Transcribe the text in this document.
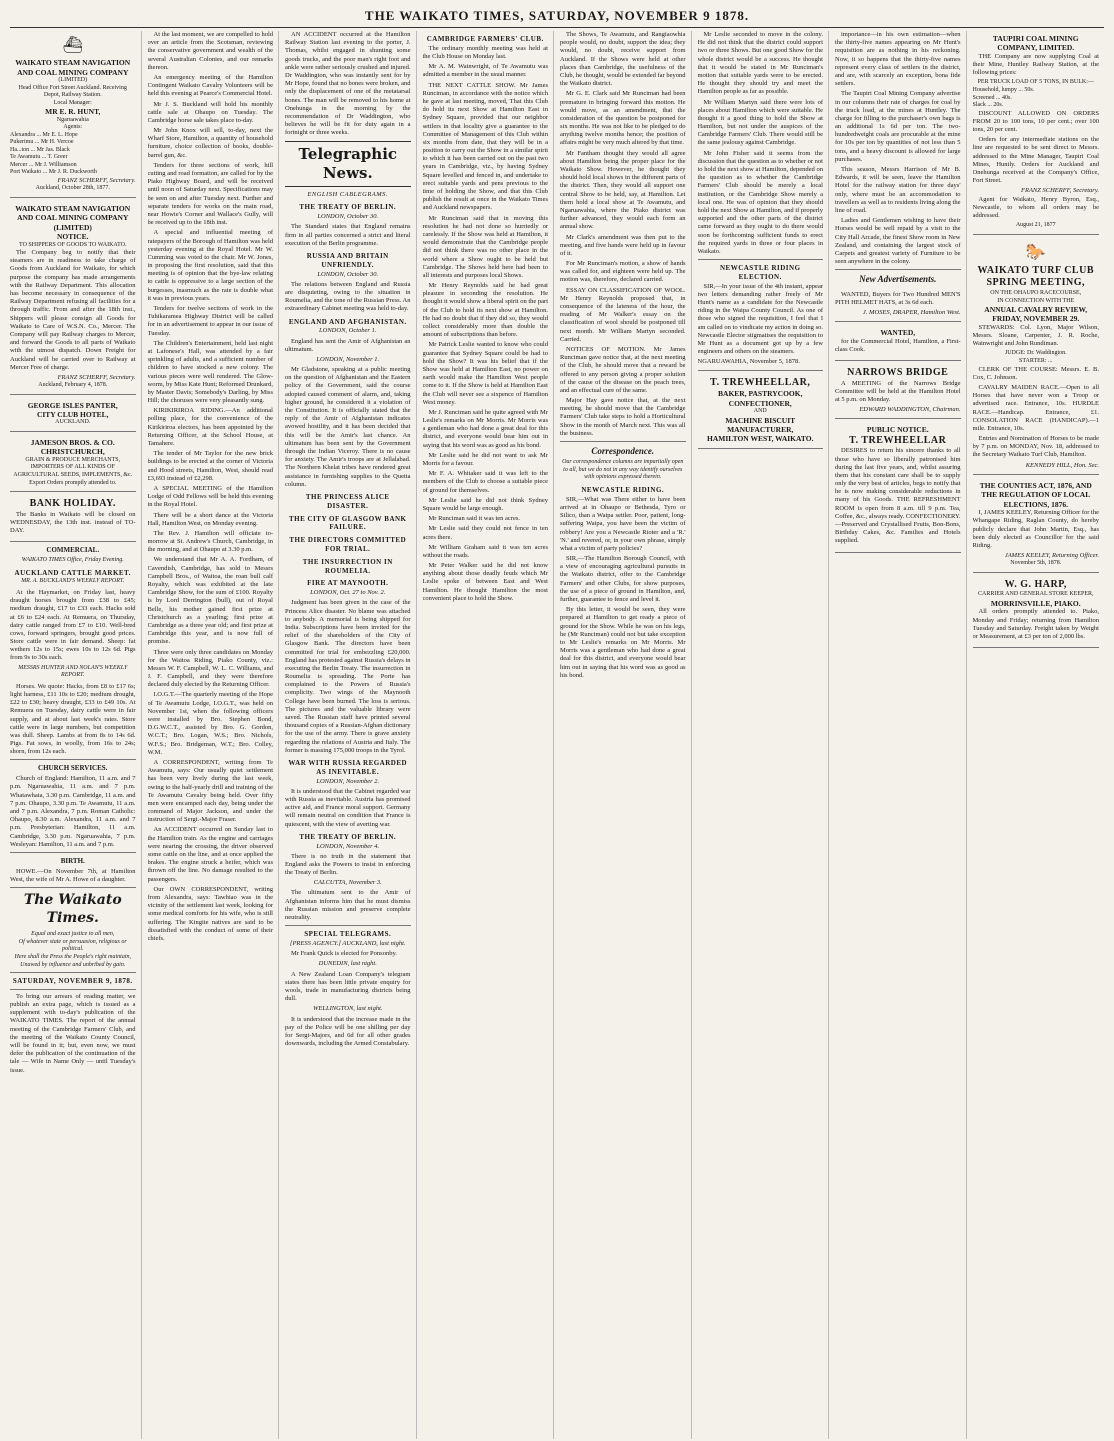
THE WAIKATO TIMES, SATURDAY, NOVEMBER 9 1878.
⛴
WAIKATO STEAM NAVIGATION AND COAL MINING COMPANY
(LIMITED)
Head Office Fort Street Auckland. Receiving Depot, Railway Station.
Local Manager:
MR E. R. HUNT,
Ngaruawahia
Agents:
Alexandra ... Mr E. L. Hope
Pukerimu ... Mr H. Vercoe
Ha...ton ... Mr Jas. Black
Te Awamutu ... T. Greer
Mercer ... Mr J. Williamson
Port Waikato ... Mr J. R. Duckworth
FRANZ SCHERFF, Secretary.
Auckland, October 28th, 1877.
WAIKATO STEAM NAVIGATION AND COAL MINING COMPANY (LIMITED)
NOTICE.
TO SHIPPERS OF GOODS TO WAIKATO.

The Company beg to notify that their steamers are in readiness to take charge of Goods from Auckland for Waikato, for which purpose the company has made arrangements with the Railway Department. This allocation has become necessary in consequence of the Railway Department refusing all facilities for a through traffic. From and after the 18th inst., Shippers will please consign all Goods for Waikato to Care of W.S.N. Co., Mercer. The Company will pay Railway charges to Mercer, and forward the Goods to all parts of Waikato with the utmost dispatch. Down Freight for Auckland will be carried over to Railway at Mercer Free of charge.

FRANZ SCHERFF, Secretary.
Auckland, February 4, 1878.
GEORGE ISLES PANTER,
CITY CLUB HOTEL,
AUCKLAND.
JAMESON BROS. & CO.
CHRISTCHURCH,
GRAIN & PRODUCE MERCHANTS,
IMPORTERS OF ALL KINDS OF AGRICULTURAL SEEDS, IMPLEMENTS, &c.
Export Orders promptly attended to.
BANK HOLIDAY.

The Banks in Waikato will be closed on WEDNESDAY, the 13th inst. instead of TO-DAY.

COMMERCIAL.
WAIKATO TIMES Office, Friday Evening.
AUCKLAND CATTLE MARKET.
MR. A. BUCKLAND'S WEEKLY REPORT.

At the Haymarket, on Friday last, heavy draught horses brought from £38 to £45; medium draught, £17 to £33 each. Hacks sold at £6 to £24 each. At Remuera, on Thursday, dairy cattle ranged from £7 to £10. Well-bred cows, forward springers, brought good prices. Store cattle were in fair demand. Sheep: fat wethers 12s to 15s; ewes 10s to 12s 6d. Pigs from 9s to 30s each.

MESSRS HUNTER AND NOLAN'S WEEKLY REPORT.

Horses. We quote: Hacks, from £8 to £17 6s; light harness, £11 10s to £20; medium drought, £22 to £30; heavy draught, £33 to £49 10s. At Remuera on Tuesday, dairy cattle were in fair supply, and at about last week's rates. Store cattle were in large numbers, but competition was dull. Sheep. Lambs at from 8s to 14s 6d. Pigs. Fat sows, in woolly, from 16s to 24s; shorn, from 12s each.

CHURCH SERVICES.

Church of England: Hamilton, 11 a.m. and 7 p.m. Ngaruawahia, 11 a.m. and 7 p.m. Whatawhata, 3.30 p.m. Cambridge, 11 a.m. and 7 p.m. Ohaupo, 3.30 p.m. Te Awamutu, 11 a.m. and 7 p.m. Alexandra, 7 p.m. Roman Catholic: Ohaupo, 8.30 a.m. Alexandra, 11 a.m. and 7 p.m. Presbyterian: Hamilton, 11 a.m. Cambridge, 3.30 p.m. Ngaruawahia, 7 p.m. Wesleyan: Hamilton, 11 a.m. and 7 p.m.

BIRTH.

HOWE.—On November 7th, at Hamilton West, the wife of Mr A. Howe of a daughter.

The Waikato Times.
Equal and exact justice to all men,
Of whatever state or persuasion, religious or political.
Here shall the Press the People's right maintain,
Unawed by influence and unbribed by gain.
SATURDAY, NOVEMBER 9, 1878.

To bring our arrears of reading matter, we publish an extra page, which is issued as a supplement with to-day's publication of the WAIKATO TIMES. The report of the annual meeting of the Cambridge Farmers' Club, and the meeting of the Waikato County Council, will be found in it; but, even now, we must defer the publication of the continuation of the tale — Wife in Name Only — until Tuesday's issue.

At the last moment, we are compelled to hold over an article from the Scotsman, reviewing the conservative government and wealth of the several Australian Colonies, and our remarks thereon.

An emergency meeting of the Hamilton Contingent Waikato Cavalry Volunteers will be held this evening at Pearce's Commercial Hotel.

Mr J. S. Buckland will hold his monthly cattle sale at Ohaupo on Tuesday. The Cambridge horse sale takes place to-day.

Mr John Knox will sell, to-day, next the Wharf Store, Hamilton, a quantity of household furniture, choice collection of books, double-barrel gun, &c.

Tenders for three sections of work, hill cutting and road formation, are called for by the Piako Highway Board, and will be received until noon of Saturday next. Specifications may be seen on and after Tuesday next. Further and separate tenders for works on the main road, near Howie's Corner and Wallace's Gully, will be received up to the 18th inst.

A special and influential meeting of ratepayers of the Borough of Hamilton was held yesterday evening at the Royal Hotel. Mr W. Cumming was voted to the chair. Mr W. Jones, in proposing the first resolution, said that this meeting is of opinion that the bye-law relating to cattle is oppressive to a large section of the burgesses, inasmuch as the rate is double what it was in previous years.

Tenders for twelve sections of work in the Tuhikaramea Highway District will be called for in an advertisement to appear in our issue of Tuesday.

The Children's Entertainment, held last night at Lafonese's Hall, was attended by a fair sprinkling of adults, and a sufficient number of children to have stocked a new colony. The various pieces were well rendered. The Glow-worm, by Miss Kate Hunt; Reformed Drunkard, by Master Davis; Somebody's Darling, by Miss Hill; the choruses were very pleasantly sung.

KIRIKIRIROA RIDING.—An additional polling place, for the convenience of the Kirikiriroa electors, has been appointed by the Returning Officer, at the School House, at Tamahere.

The tender of Mr Taylor for the new brick buildings to be erected at the corner of Victoria and Hood streets, Hamilton, West, should read £3,693 instead of £2,298.

A SPECIAL MEETING of the Hamilton Lodge of Odd Fellows will be held this evening in the Royal Hotel.

There will be a short dance at the Victoria Hall, Hamilton West, on Monday evening.

The Rev. J. Hamilton will officiate to-morrow at St. Andrew's Church, Cambridge, in the morning, and at Ohaupo at 3.30 p.m.

We understand that Mr A. A. Fordham, of Cavendish, Cambridge, has sold to Messrs Campbell Bros., of Waitoa, the roan bull calf Royalty, which was exhibited at the late Cambridge Show, for the sum of £100. Royalty is by Lord Derrington (bull), out of Royal Belle, his mother gained first prize at Christchurch as a yearling; first prize at Cambridge as a three year old; and first prize at Cambridge this year, and is now full of promise.

Three were only three candidates on Monday for the Waitoa Riding, Piako County, viz.: Messrs W. F. Campbell, W. L. C. Williams, and J. F. Campbell, and they were therefore declared duly elected by the Returning Officer.

I.O.G.T.—The quarterly meeting of the Hope of Te Awamutu Lodge, I.O.G.T., was held on November 1st, when the following officers were installed by Bro. Stephen Bond, D.G.W.C.T., assisted by Bro. G. Gordon, W.C.T.; Bro. Logan, W.S.; Bro. Nichols, W.F.S.; Bro. Bridgeman, W.T.; Bro. Colley, W.M.

A CORRESPONDENT, writing from Te Awamutu, says: Our usually quiet settlement has been very lively during the last week, owing to the half-yearly drill and training of the Te Awamutu Cavalry being held. Over fifty men were encamped each day, being under the command of Major Jackson, and under the instruction of Sergt.-Major Fraser.

An ACCIDENT occurred on Sunday last to the Hamilton train. As the engine and carriages were nearing the crossing, the driver observed some cattle on the line, and at once applied the brakes. The engine struck a heifer, which was thrown off the line. No damage resulted to the passengers.

Our OWN CORRESPONDENT, writing from Alexandra, says: Tawhiao was in the vicinity of the settlement last week, looking for some medical comforts for his wife, who is still suffering. The Kingite natives are said to be dissatisfied with the conduct of some of their chiefs.

AN ACCIDENT occurred at the Hamilton Railway Station last evening to the porter, J. Thomas, whilst engaged in shunting some goods trucks, and the poor man's right foot and ankle were rather seriously crushed and injured. Dr Waddington, who was instantly sent for by Mr Hope, found that no bones were broken, and only the displacement of one of the metatarsal bones. The man will be removed to his home at Onehunga in the morning by the recommendation of Dr Waddington, who believes he will be fit for duty again in a fortnight or three weeks.

Telegraphic News.
ENGLISH CABLEGRAMS.
THE TREATY OF BERLIN.
LONDON, October 30.

The Standard states that England remains firm in all parties concerned a strict and literal execution of the Berlin programme.

RUSSIA AND BRITAIN UNFRIENDLY.
LONDON, October 30.

The relations between England and Russia are disquieting, owing to the situation in Roumelia, and the tone of the Russian Press. An extraordinary Cabinet meeting was held to-day.

ENGLAND AND AFGHANISTAN.
LONDON, October 1.

England has sent the Amir of Afghanistan an ultimatum.

LONDON, November 1.

Mr Gladstone, speaking at a public meeting on the question of Afghanistan and the Eastern policy of the Government, said the course adopted caused comment of alarm, and, taking higher ground, he considered it a violation of the Constitution. It is officially stated that the reply of the Amir of Afghanistan indicates avowed hostility, and it has been decided that this will be the Amir's last chance. An ultimatum has been sent by the Government through the Indian Viceroy. There is no cause for anxiety. The Amir's troops are at Jellalabad. The Northern Khelat tribes have rendered great assistance in furnishing supplies to the Quetta column.

THE PRINCESS ALICE DISASTER.
THE CITY OF GLASGOW BANK FAILURE.
THE DIRECTORS COMMITTED FOR TRIAL.
THE INSURRECTION IN ROUMELIA.
FIRE AT MAYNOOTH.
LONDON, Oct. 27 to Nov. 2.

Judgment has been given in the case of the Princess Alice disaster. No blame was attached to anybody. A memorial is being shipped for India. Subscriptions have been invited for the relief of the shareholders of the City of Glasgow Bank. The directors have been committed for trial for embezzling £20,000. England has protested against Russia's delays in executing the Berlin Treaty. The insurrection in Roumelia is spreading. The Porte has complained to the Powers of Russia's complicity. Two wings of the Maynooth College have been burned. The loss is serious. The pictures and the valuable library were saved. The Russian staff have printed several thousand copies of a Russian-Afghan dictionary for the use of the army. There is grave anxiety regarding the relations of Austria and Italy. The former is massing 175,000 troops in the Tyrol.

WAR WITH RUSSIA REGARDED AS INEVITABLE.
LONDON, November 2.

It is understood that the Cabinet regarded war with Russia as inevitable. Austria has promised active aid, and France moral support. Germany will remain neutral on condition that France is quiescent, with the view of averting war.

THE TREATY OF BERLIN.
LONDON, November 4.

There is no truth in the statement that England asks the Powers to insist in enforcing the Treaty of Berlin.

CALCUTTA, November 3.

The ultimatum sent to the Amir of Afghanistan informs him that he must dismiss the Russian mission and preserve complete neutrality.

SPECIAL TELEGRAMS.
[PRESS AGENCY.] AUCKLAND, last night.

Mr Frank Quick is elected for Ponsonby.

DUNEDIN, last night.

A New Zealand Loan Company's telegram states there has been little private enquiry for wools, trade in manufacturing districts being dull.

WELLINGTON, last night.

It is understood that the increase made in the pay of the Police will be one shilling per day for Sergt-Majors, and 6d for all other grades downwards, including the Armed Constabulary.

CAMBRIDGE FARMERS' CLUB.

The ordinary monthly meeting was held at the Club House on Monday last.

Mr A. M. Wainwright, of Te Awamutu was admitted a member in the usual manner.

THE NEXT CATTLE SHOW. Mr James Runciman, in accordance with the notice which he gave at last meeting, moved, That this Club do hold its next Show at Hamilton East in Sydney Square, provided that our neighbor settlers in that locality give a guarantee to the Committee of Management of this Club within six months from date, that they will be in a position to carry out the Show in a similar spirit to which it has been carried out on the past two years in Cambridge, viz., by having Sydney Square levelled and fenced in, and undertake to erect suitable yards and pens previous to the time of holding the Show, and that this Club publish the result at once in the Waikato Times and Auckland newspapers.

Mr Runciman said that in moving this resolution he had not done so hurriedly or carelessly. If the Show was held at Hamilton, it would demonstrate that the Cambridge people did not think there was no other place in the world where a Show ought to be held but Cambridge. The Shows held here had been to all interests and purposes local Shows.

Mr Henry Reynolds said he had great pleasure in seconding the resolution. He thought it would show a liberal spirit on the part of the Club to hold its next show at Hamilton. He had no doubt that if they did so, they would collect considerably more than double the amount of subscriptions than before.

Mr Patrick Leslie wanted to know who could guarantee that Sydney Square could be had to hold the Show? It was his belief that if the Show was held at Hamilton East, no power on earth would make the Hamilton West people come to it. If the Show is held at Hamilton East the Club will never see a sixpence of Hamilton West money.

Mr J. Runciman said he quite agreed with Mr Leslie's remarks on Mr Morris. Mr Morris was a gentleman who had done a great deal for this district, and everyone would bear him out in saying that his word was as good as his bond.

Mr Leslie said he did not want to ask Mr Morris for a favour.

Mr F. A. Whitaker said it was left to the members of the Club to choose a suitable piece of ground for themselves.

Mr Leslie said he did not think Sydney Square would be large enough.

Mr Runciman said it was ten acres.

Mr Leslie said they could not fence in ten acres there.

Mr William Graham said it was ten acres without the roads.

Mr Peter Walker said he did not know anything about those deadly feuds which Mr Leslie spoke of between East and West Hamilton. He thought Hamilton the most convenient place to hold the Show.

The Shows, Te Awamutu, and Rangiaowhia people would, no doubt, support the idea; they would, no doubt, receive support from Auckland. If the Shows were held at other places than Cambridge, the usefulness of the Club, he thought, would be extended far beyond the Waikato district.

Mr G. E. Clark said Mr Runciman had been premature in bringing forward this motion. He would move, as an amendment, that the consideration of the question be postponed for six months. He was not like to be pledged to do anything twelve months hence; the position of affairs might be very much altered by that time.

Mr Fantham thought they would all agree about Hamilton being the proper place for the Waikato Show. However, he thought they should hold local shows in the different parts of the district. Then, they would all support one central Show to be held, say, at Hamilton. Let them hold a local show at Te Awamutu, and Ngaruawahia, where the Piako district was further advanced, they would each form an annual show.

Mr Clark's amendment was then put to the meeting, and five hands were held up in favour of it.

For Mr Runciman's motion, a show of hands was called for, and eighteen were held up. The motion was, therefore, declared carried.

ESSAY ON CLASSIFICATION OF WOOL. Mr Henry Reynolds proposed that, in consequence of the lateness of the hour, the reading of Mr Walker's essay on the classification of wool should be postponed till next month. Mr William Martyn seconded. Carried.

NOTICES OF MOTION. Mr James Runciman gave notice that, at the next meeting of the Club, he should move that a reward be offered to any person giving a proper solution of the cause of the disease on the peach trees, and an effectual cure of the same.

Major Hay gave notice that, at the next meeting, he should move that the Cambridge Farmers' Club take steps to hold a Horticultural Show in the month of March next. This was all the business.

Correspondence.
Our correspondence columns are impartially open to all, but we do not in any way identify ourselves with opinions expressed therein.
NEWCASTLE RIDING.

SIR,—What was There either to have been arrived at in Ohaupo or Bethesda, Tyro or Silico, than a Waipa settler. Poor, patient, long-suffering Waipa, you have been the victim of robbery! Are you a Newcastle Rioter and a 'R.' 'N.' and revered, or, in your own phrase, simply what a victim of party policies?

SIR,—The Hamilton Borough Council, with a view of encouraging agricultural pursuits in the Waikato district, offer to the Cambridge Farmers' and other Clubs, for show purposes, the use of a piece of ground in Hamilton, and, further, guarantee to fence and level it.

By this letter, it would be seen, they were prepared at Hamilton to get ready a piece of ground for the Show. While he was on his legs, he (Mr Runciman) could not but take exception to Mr Leslie's remarks on Mr Morris. Mr Morris was a gentleman who had done a great deal for this district, and everyone would bear him out in saying that his word was as good as his bond.

Mr Leslie seconded to move in the colony. He did not think that the district could support two or three Shows. But one good Show for the whole district would be a success. He thought that it would be stated in Mr Runciman's motion that suitable yards were to be erected. He thought they should try and meet the Hamilton people as far as possible.

Mr William Martyn said there were lots of places about Hamilton which were suitable. He thought it a good thing to hold the Show at Hamilton, but not under the auspices of the Cambridge Farmers' Club. There would still be the same jealousy against Cambridge.

Mr John Fisher said it seems from the discussion that the question as to whether or not to hold the next show at Hamilton, depended on the question as to whether the Cambridge Farmers' Club should be merely a local institution, or the Cambridge Show merely a local one. He was of opinion that they should hold the next Show at Hamilton, and if properly supported and the other parts of the district came forward as they ought to do there would soon be forthcoming sufficient funds to erect the required yards in three or four places in Waikato.

NEWCASTLE RIDING ELECTION.

SIR,—In your issue of the 4th instant, appear two letters demanding rather freely of Mr Hunt's name as a candidate for the Newcastle riding in the Waipa County Council. As one of those who signed the requisition, I feel that I am called on to vindicate my action in doing so. Newcastle Elector stigmatises the requisition to Mr Hunt as a document got up by a few engineers and others on the steamers.

NGARUAWAHIA, November 5, 1878.
T. TREWHEELLAR,
BAKER, PASTRYCOOK, CONFECTIONER,
AND
MACHINE BISCUIT MANUFACTURER,
HAMILTON WEST, WAIKATO.

importance—in his own estimation—when the thirty-five names appearing on Mr Hunt's requisition are as nothing in his reckoning. Now, it so happens that the thirty-five names represent every class of settlers in the district, and are, with scarcely an exception, bona fide settlers.

The Taupiri Coal Mining Company advertise in our columns their rate of charges for coal by the truck load, at the mines at Huntley. The charge for filling to the purchaser's own bags is an additional 1s 6d per ton. The two-hundredweight coals are procurable at the mine for 10s per ton by quantities of not less than 5 tons, and a heavy discount is allowed for large purchases.

This season, Messrs Harrison of Mr B. Edwards, it will be seen, leave the Hamilton Hotel for the railway station for three days' only, where must be an accommodation to travellers as well as to residents living along the line of road.

Ladies and Gentlemen wishing to have their Horses would be well repaid by a visit to the City Hall Arcade, the finest Show room in New Zealand, and containing the largest stock of Carpets and greatest variety of Furniture to be seen anywhere in the colony.

New Advertisements.

WANTED, Buyers for Two Hundred MEN'S PITH HELMET HATS, at 3s 6d each.

J. MOSES, DRAPER, Hamilton West.
WANTED,

for the Commercial Hotel, Hamilton, a First-class Cook.

NARROWS BRIDGE

A MEETING of the Narrows Bridge Committee will be held at the Hamilton Hotel at 5 p.m. on Monday.

EDWARD WADDINGTON, Chairman.
PUBLIC NOTICE.
T. TREWHEELLAR

DESIRES to return his sincere thanks to all those who have so liberally patronised him during the last five years, and, whilst assuring them that his constant care shall be to supply only the very best of articles, begs to notify that he is now making considerable reductions in many of his Goods. THE REFRESHMENT ROOM is open from 8 a.m. till 9 p.m. Tea, Coffee, &c., always ready. CONFECTIONERY.—Preserved and Crystallised Fruits, Bon-Bons, Birthday Cakes, &c. Families and Hotels supplied.

TAUPIRI COAL MINING COMPANY, LIMITED.

THE Company are now supplying Coal at their Mine, Huntley Railway Station, at the following prices:

PER TRUCK LOAD OF 5 TONS, IN BULK:—
Household, lumpy ... 50s.
Screened ... 40s.
Slack ... 20s.

DISCOUNT ALLOWED ON ORDERS FROM 20 to 100 tons, 10 per cent.; over 100 tons, 20 per cent.

Orders for any intermediate stations on the line are requested to be sent direct to Messrs. addressed to the Mine Manager, Taupiri Coal Mines, Huntly. Orders for Auckland and Onehunga received at the Company's Office, Fort Street.

FRANZ SCHERFF, Secretary.

Agent for Waikato, Henry Byron, Esq., Newcastle, to whom all orders may be addressed.

August 21, 1877
🐎
WAIKATO TURF CLUB SPRING MEETING,
ON THE OHAUPO RACECOURSE,
IN CONNECTION WITH THE
ANNUAL CAVALRY REVIEW,
FRIDAY, NOVEMBER 29.

STEWARDS: Col. Lyon, Major Wilson, Messrs. Sloane, Carpenter, J. R. Roche, Wainwright and John Rundiman.

JUDGE: Dr. Waddington.
STARTER: ...

CLERK OF THE COURSE: Messrs. E. B. Cox, C. Johnson.

CAVALRY MAIDEN RACE.—Open to all Horses that have never won a Troop or advertised race. Entrance, 10s. HURDLE RACE.—Handicap. Entrance, £1. CONSOLATION RACE (HANDICAP).—1 mile. Entrance, 10s.

Entries and Nomination of Horses to be made by 7 p.m. on MONDAY, Nov. 18, addressed to the Secretary Waikato Turf Club, Hamilton.

KENNEDY HILL, Hon. Sec.
THE COUNTIES ACT, 1876, AND THE REGULATION OF LOCAL ELECTIONS, 1876.

I, JAMES KEELEY, Returning Officer for the Whangape Riding, Raglan County, do hereby publicly declare that John Martin, Esq., has been duly elected as Councillor for the said Riding.

JAMES KEELEY, Returning Officer.
November 5th, 1878.
W. G. HARP,
CARRIER AND GENERAL STORE KEEPER,
MORRINSVILLE, PIAKO.

All orders promptly attended to. Piako, Monday and Friday; returning from Hamilton Tuesday and Saturday. Freight taken by Weight or Measurement, at £3 per ton of 2,000 lbs.
